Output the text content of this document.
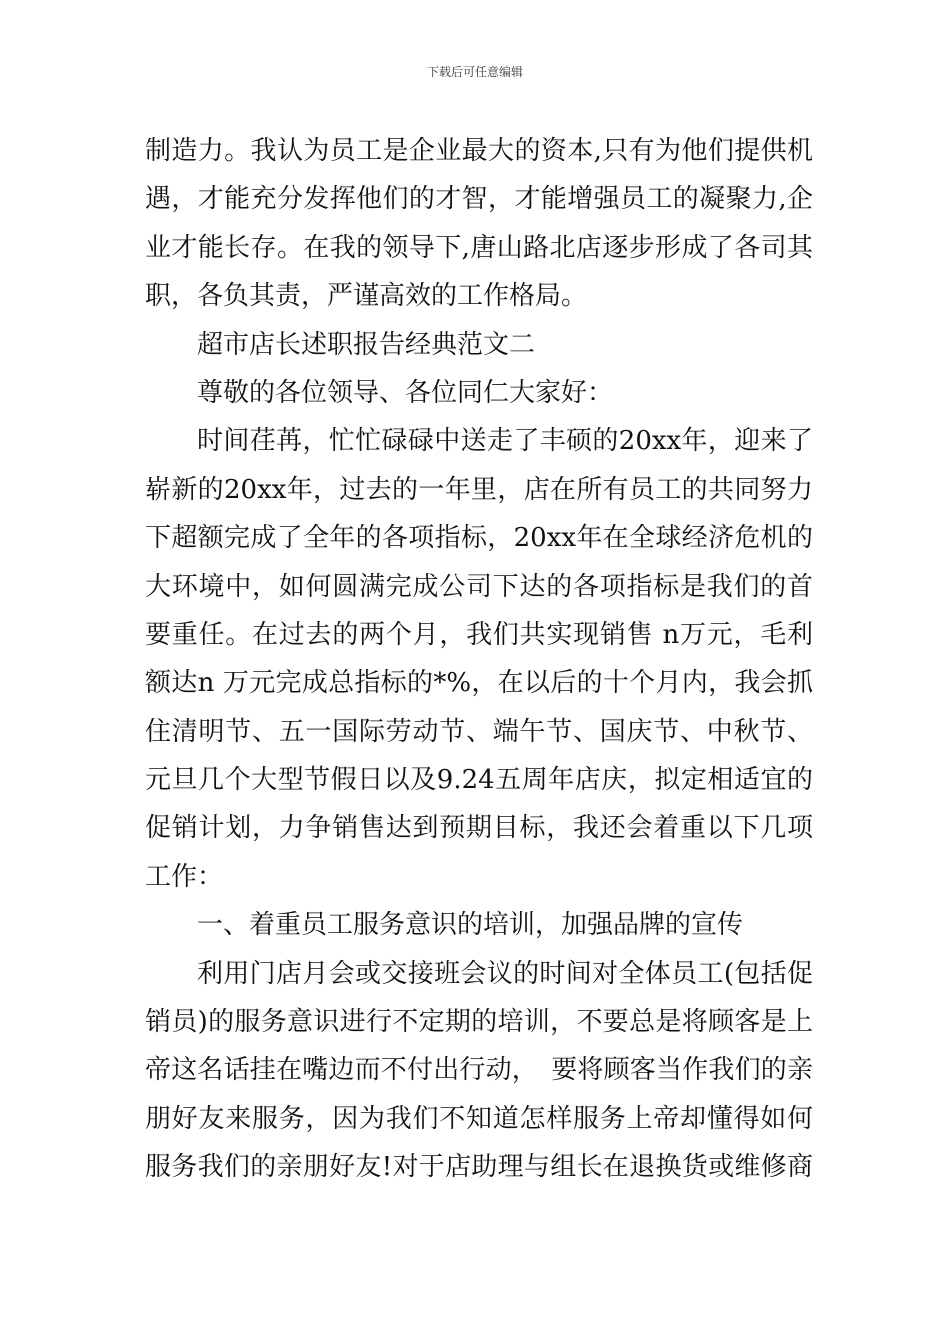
下载后可任意编辑
制造力。我认为员工是企业最大的资本,只有为他们提供机
遇，才能充分发挥他们的才智，才能增强员工的凝聚力,企
业才能长存。在我的领导下,唐山路北店逐步形成了各司其
职，各负其责，严谨高效的工作格局。
超市店长述职报告经典范文二
尊敬的各位领导、各位同仁大家好：
时间荏苒，忙忙碌碌中送走了丰硕的20xx年，迎来了
崭新的20xx年，过去的一年里，店在所有员工的共同努力
下超额完成了全年的各项指标，20xx年在全球经济危机的
大环境中，如何圆满完成公司下达的各项指标是我们的首
要重任。在过去的两个月，我们共实现销售 n万元，毛利
额达n 万元完成总指标的*%，在以后的十个月内，我会抓
住清明节、五一国际劳动节、端午节、国庆节、中秋节、
元旦几个大型节假日以及9.24五周年店庆，拟定相适宜的
促销计划，力争销售达到预期目标，我还会着重以下几项
工作：
一、着重员工服务意识的培训，加强品牌的宣传
利用门店月会或交接班会议的时间对全体员工(包括促
销员)的服务意识进行不定期的培训，不要总是将顾客是上
帝这名话挂在嘴边而不付出行动，　要将顾客当作我们的亲
朋好友来服务，因为我们不知道怎样服务上帝却懂得如何
服务我们的亲朋好友!对于店助理与组长在退换货或维修商
